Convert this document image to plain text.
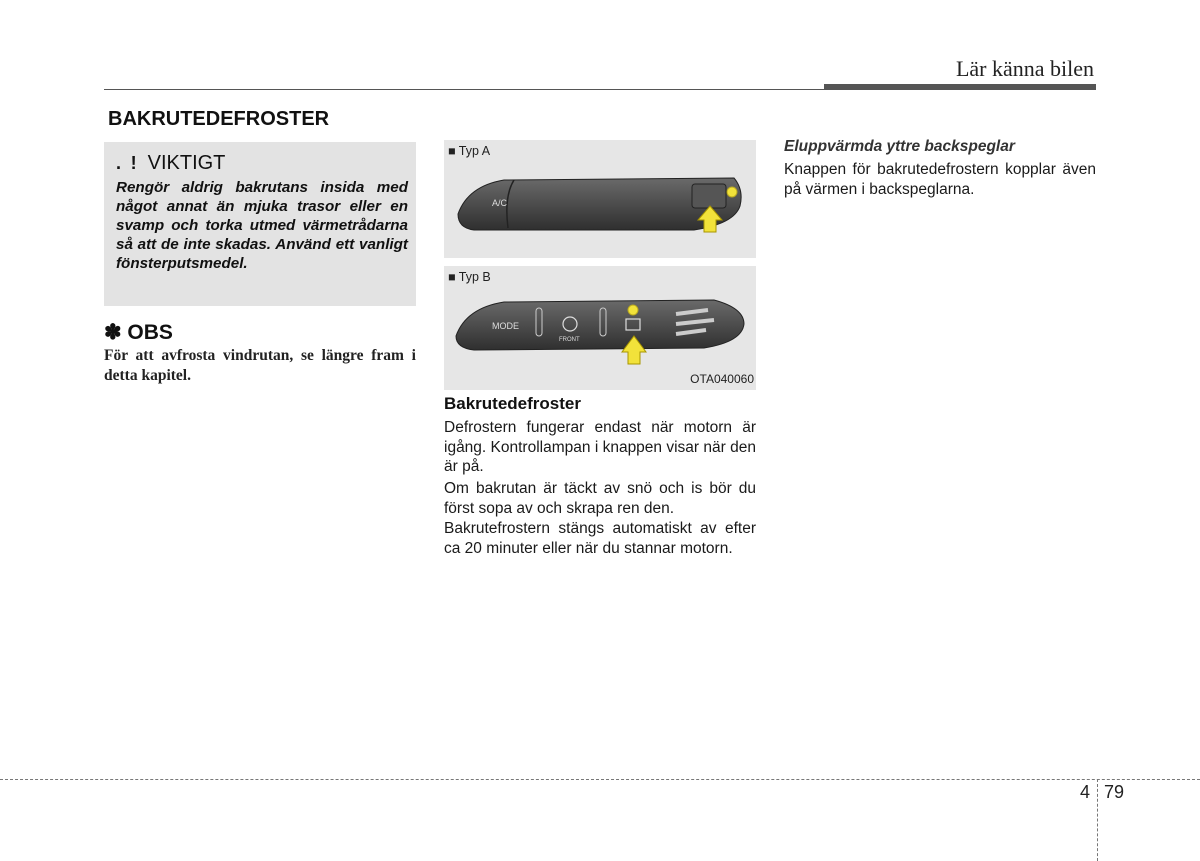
Lär känna bilen
BAKRUTEDEFROSTER
. ! VIKTIGT
Rengör aldrig bakrutans insida med något annat än mjuka trasor eller en svamp och torka utmed värmetrådarna så att de inte skadas. Använd ett vanligt fönsterputsmedel.
✽ OBS
För att avfrosta vindrutan, se längre fram i detta kapitel.
■ Typ A
A/C
■ Typ B
MODE
FRONT
OTA040060
Bakrutedefroster
Defrostern fungerar endast när motorn är igång. Kontrollampan i knappen visar när den är på.
Om bakrutan är täckt av snö och is bör du först sopa av och skrapa ren den.
Bakrutefrostern stängs automatiskt av efter ca 20 minuter eller när du stannar motorn.
Eluppvärmda yttre backspeglar
Knappen för bakrutedefrostern kopplar även på värmen i backspeglarna.
4 79
